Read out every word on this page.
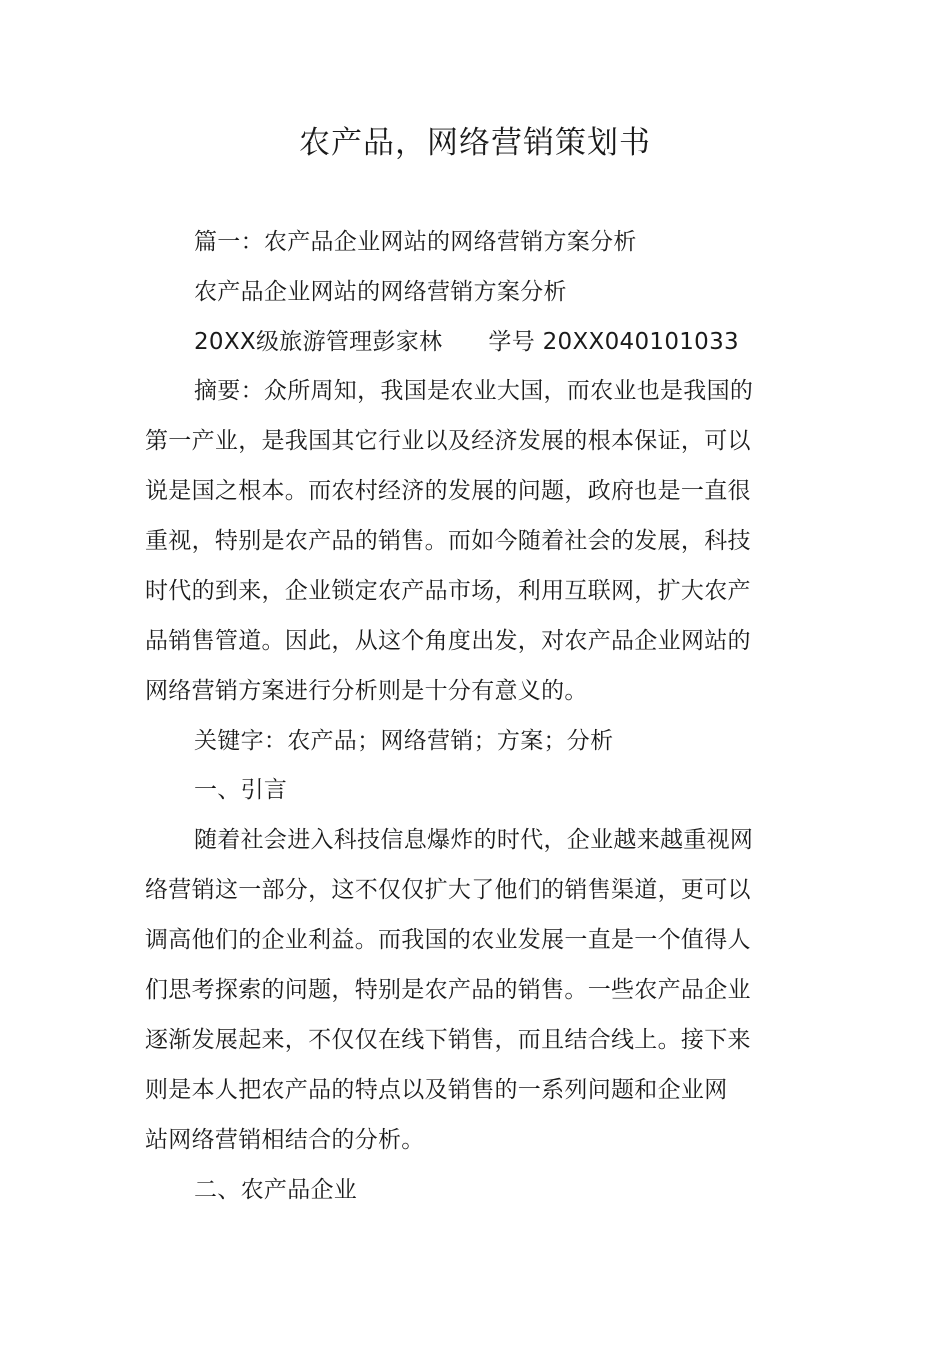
农产品，网络营销策划书
篇一：农产品企业网站的网络营销方案分析
农产品企业网站的网络营销方案分析
20XX级旅游管理彭家林 学号 20XX040101033
摘要：众所周知，我国是农业大国，而农业也是我国的
第一产业，是我国其它行业以及经济发展的根本保证，可以
说是国之根本。而农村经济的发展的问题，政府也是一直很
重视，特别是农产品的销售。而如今随着社会的发展，科技
时代的到来，企业锁定农产品市场，利用互联网，扩大农产
品销售管道。因此，从这个角度出发，对农产品企业网站的
网络营销方案进行分析则是十分有意义的。
关键字：农产品；网络营销；方案；分析
一、引言
随着社会进入科技信息爆炸的时代，企业越来越重视网
络营销这一部分，这不仅仅扩大了他们的销售渠道，更可以
调高他们的企业利益。而我国的农业发展一直是一个值得人
们思考探索的问题，特别是农产品的销售。一些农产品企业
逐渐发展起来，不仅仅在线下销售，而且结合线上。接下来
则是本人把农产品的特点以及销售的一系列问题和企业网
站网络营销相结合的分析。
二、农产品企业
